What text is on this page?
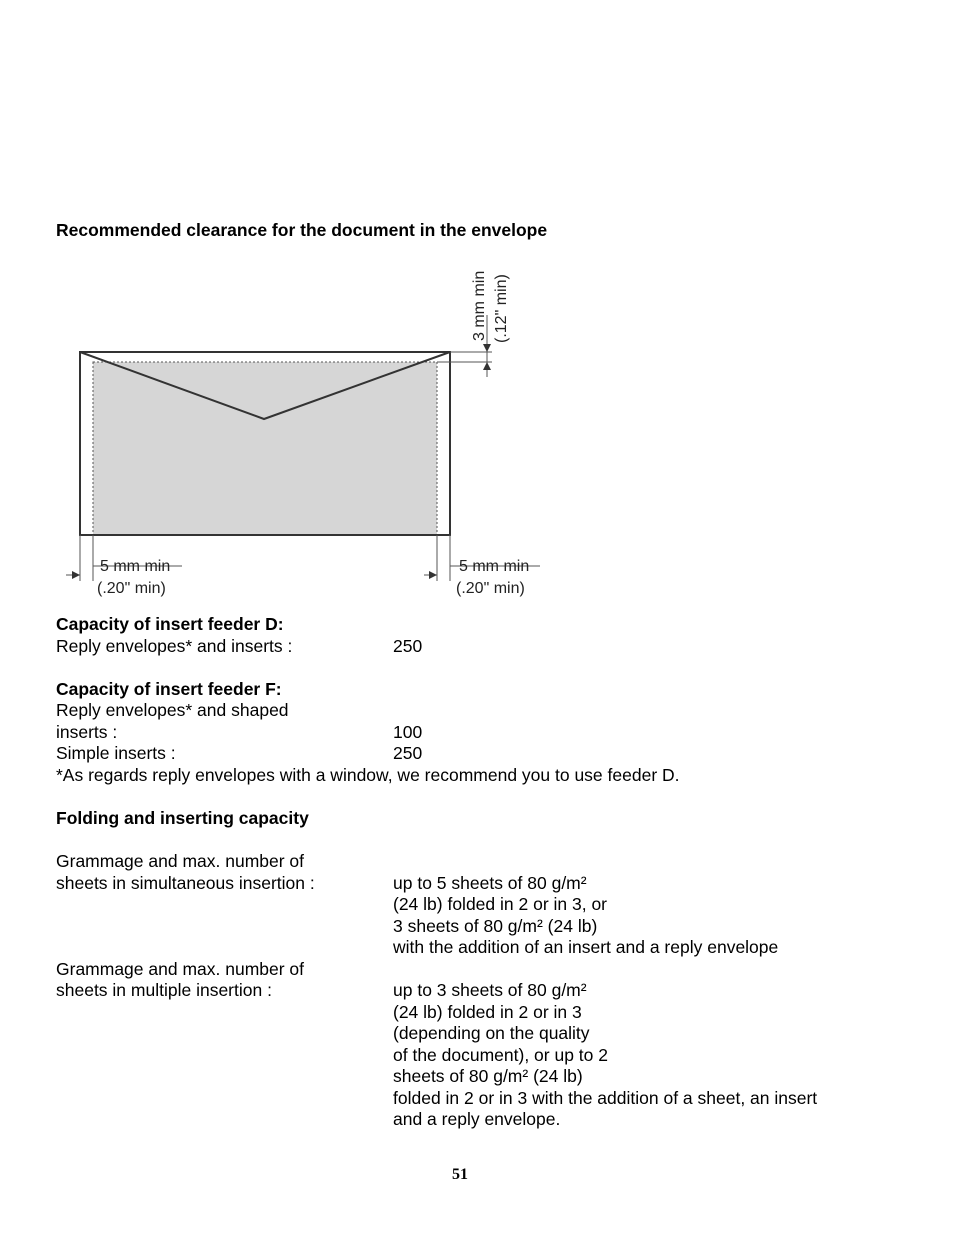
Recommended clearance for the document in the envelope
3 mm min (.12" min)
5 mm min
(.20" min)
5 mm min
(.20" min)
Capacity of insert feeder D:
Reply envelopes* and inserts :	250
Capacity of insert feeder F:
Reply envelopes* and shaped
inserts :	100
Simple inserts :	250
*As regards reply envelopes with a window, we recommend you to use feeder D.
Folding and inserting capacity
Grammage and max. number of
sheets in simultaneous insertion :	up to 5 sheets of 80 g/m²
(24 lb) folded in 2 or in 3, or
3 sheets of 80 g/m² (24 lb)
with the addition of an insert and a reply envelope
Grammage and max. number of
sheets in multiple insertion :	up to 3 sheets of 80 g/m²
(24 lb) folded in 2 or in 3
(depending on the quality
of the document), or up to 2
sheets of 80 g/m² (24 lb)
folded in 2 or in 3 with the addition of a sheet, an insert
and a reply envelope.
51
